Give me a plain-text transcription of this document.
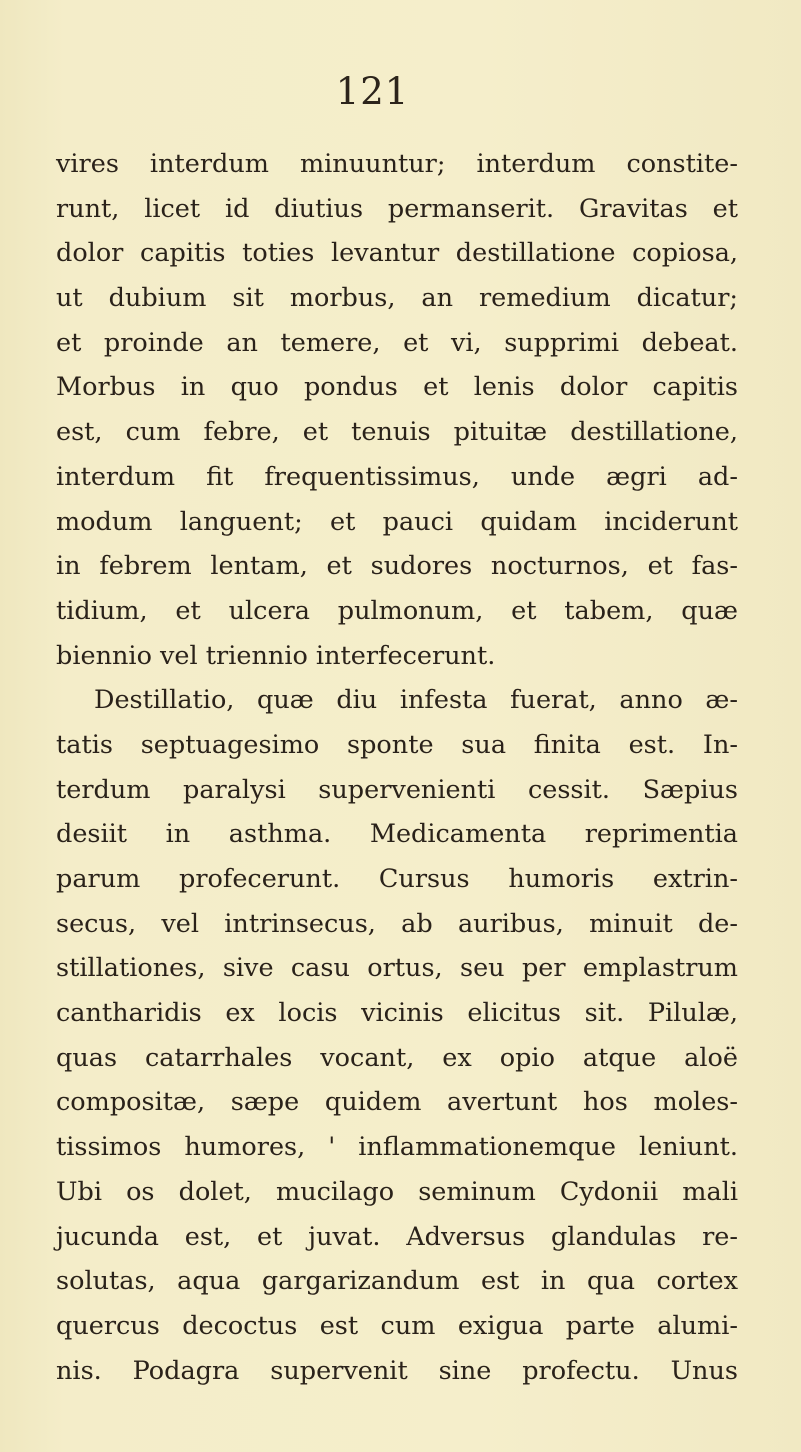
121
vires interdum minuuntur; interdum constite-
runt, licet id diutius permanserit. Gravitas et
dolor capitis toties levantur destillatione copiosa,
ut dubium sit morbus, an remedium dicatur;
et proinde an temere, et vi, supprimi debeat.
Morbus in quo pondus et lenis dolor capitis
est, cum febre, et tenuis pituitæ destillatione,
interdum fit frequentissimus, unde ægri ad-
modum languent; et pauci quidam inciderunt
in febrem lentam, et sudores nocturnos, et fas-
tidium, et ulcera pulmonum, et tabem, quæ
biennio vel triennio interfecerunt.
Destillatio, quæ diu infesta fuerat, anno æ-
tatis septuagesimo sponte sua finita est. In-
terdum paralysi supervenienti cessit. Sæpius
desiit in asthma. Medicamenta reprimentia
parum profecerunt. Cursus humoris extrin-
secus, vel intrinsecus, ab auribus, minuit de-
stillationes, sive casu ortus, seu per emplastrum
cantharidis ex locis vicinis elicitus sit. Pilulæ,
quas catarrhales vocant, ex opio atque aloë
compositæ, sæpe quidem avertunt hos moles-
tissimos humores, ' inflammationemque leniunt.
Ubi os dolet, mucilago seminum Cydonii mali
jucunda est, et juvat. Adversus glandulas re-
solutas, aqua gargarizandum est in qua cortex
quercus decoctus est cum exigua parte alumi-
nis. Podagra supervenit sine profectu. Unus
